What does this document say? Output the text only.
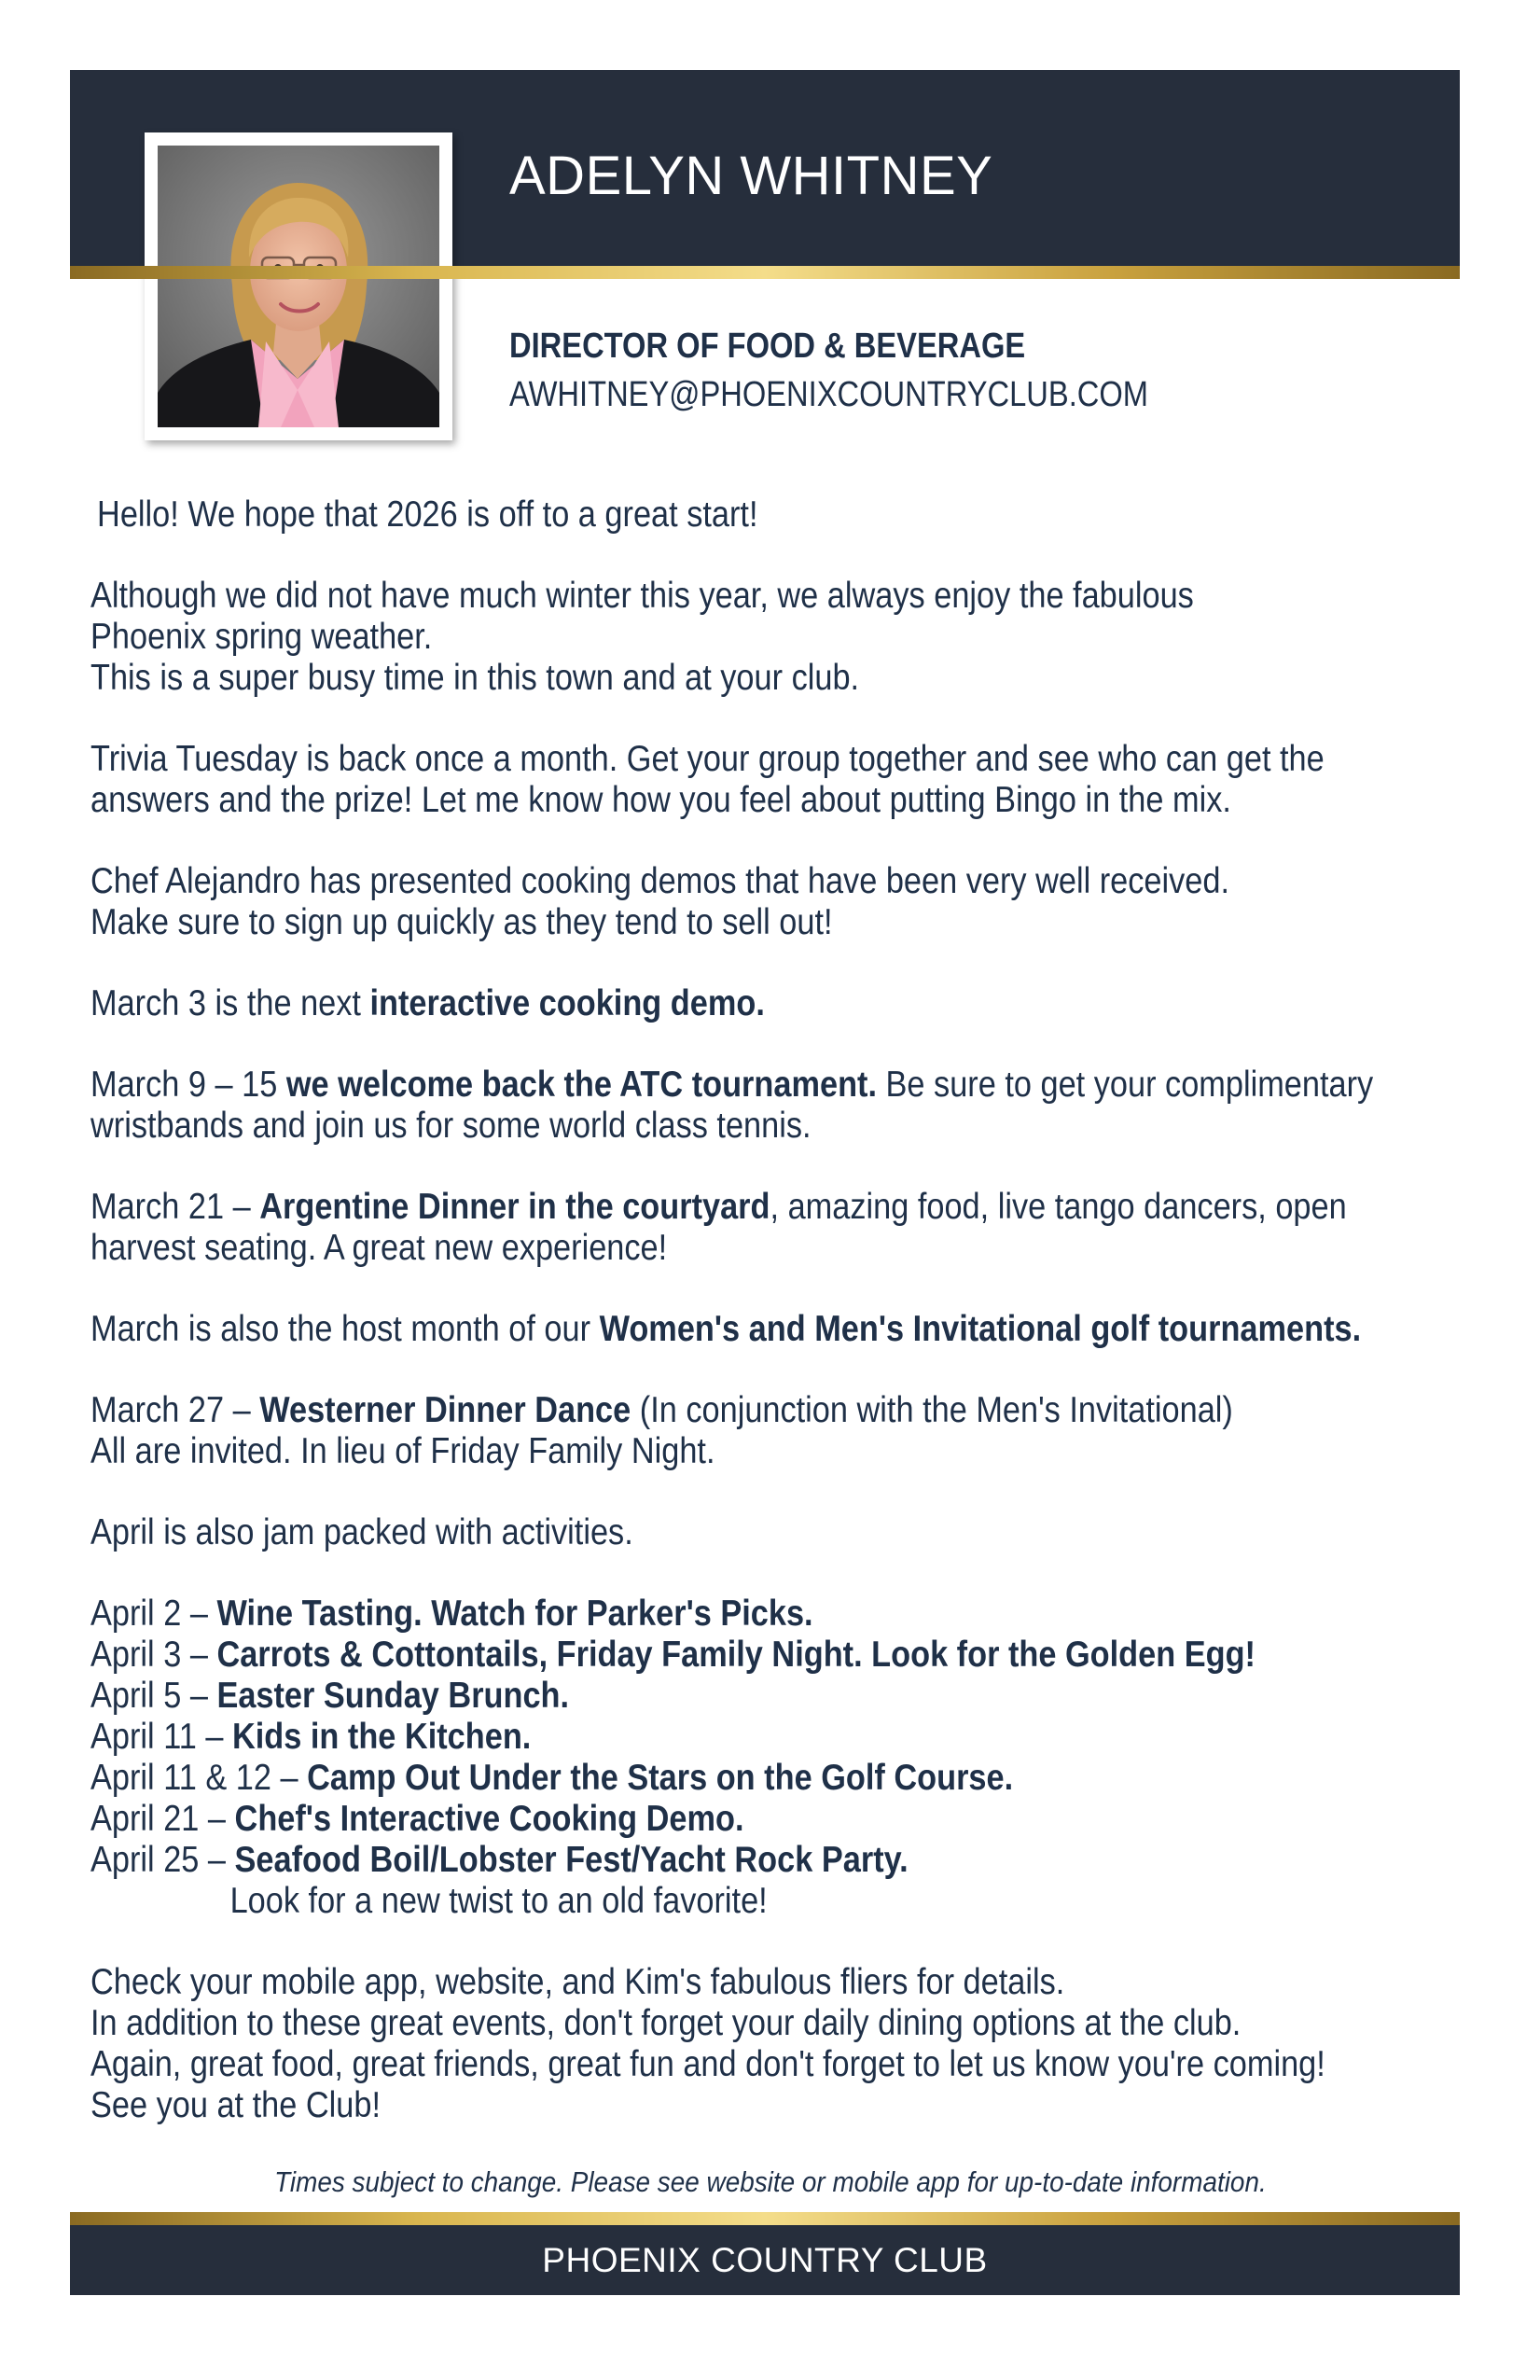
ADELYN WHITNEY
DIRECTOR OF FOOD & BEVERAGE
AWHITNEY@PHOENIXCOUNTRYCLUB.COM
Hello! We hope that 2026 is off to a great start!
Although we did not have much winter this year, we always enjoy the fabulous
Phoenix spring weather.
This is a super busy time in this town and at your club.
Trivia Tuesday is back once a month. Get your group together and see who can get the
answers and the prize! Let me know how you feel about putting Bingo in the mix.
Chef Alejandro has presented cooking demos that have been very well received.
Make sure to sign up quickly as they tend to sell out!
March 3 is the next interactive cooking demo.
March 9 – 15 we welcome back the ATC tournament. Be sure to get your complimentary
wristbands and join us for some world class tennis.
March 21 – Argentine Dinner in the courtyard, amazing food, live tango dancers, open
harvest seating. A great new experience!
March is also the host month of our Women's and Men's Invitational golf tournaments.
March 27 – Westerner Dinner Dance (In conjunction with the Men's Invitational)
All are invited. In lieu of Friday Family Night.
April is also jam packed with activities.
April 2 – Wine Tasting. Watch for Parker's Picks.
April 3 – Carrots & Cottontails, Friday Family Night. Look for the Golden Egg!
April 5 – Easter Sunday Brunch.
April 11 – Kids in the Kitchen.
April 11 & 12 – Camp Out Under the Stars on the Golf Course.
April 21 – Chef's Interactive Cooking Demo.
April 25 – Seafood Boil/Lobster Fest/Yacht Rock Party.
Look for a new twist to an old favorite!
Check your mobile app, website, and Kim's fabulous fliers for details.
In addition to these great events, don't forget your daily dining options at the club.
Again, great food, great friends, great fun and don't forget to let us know you're coming!
See you at the Club!
Times subject to change. Please see website or mobile app for up-to-date information.
PHOENIX COUNTRY CLUB
